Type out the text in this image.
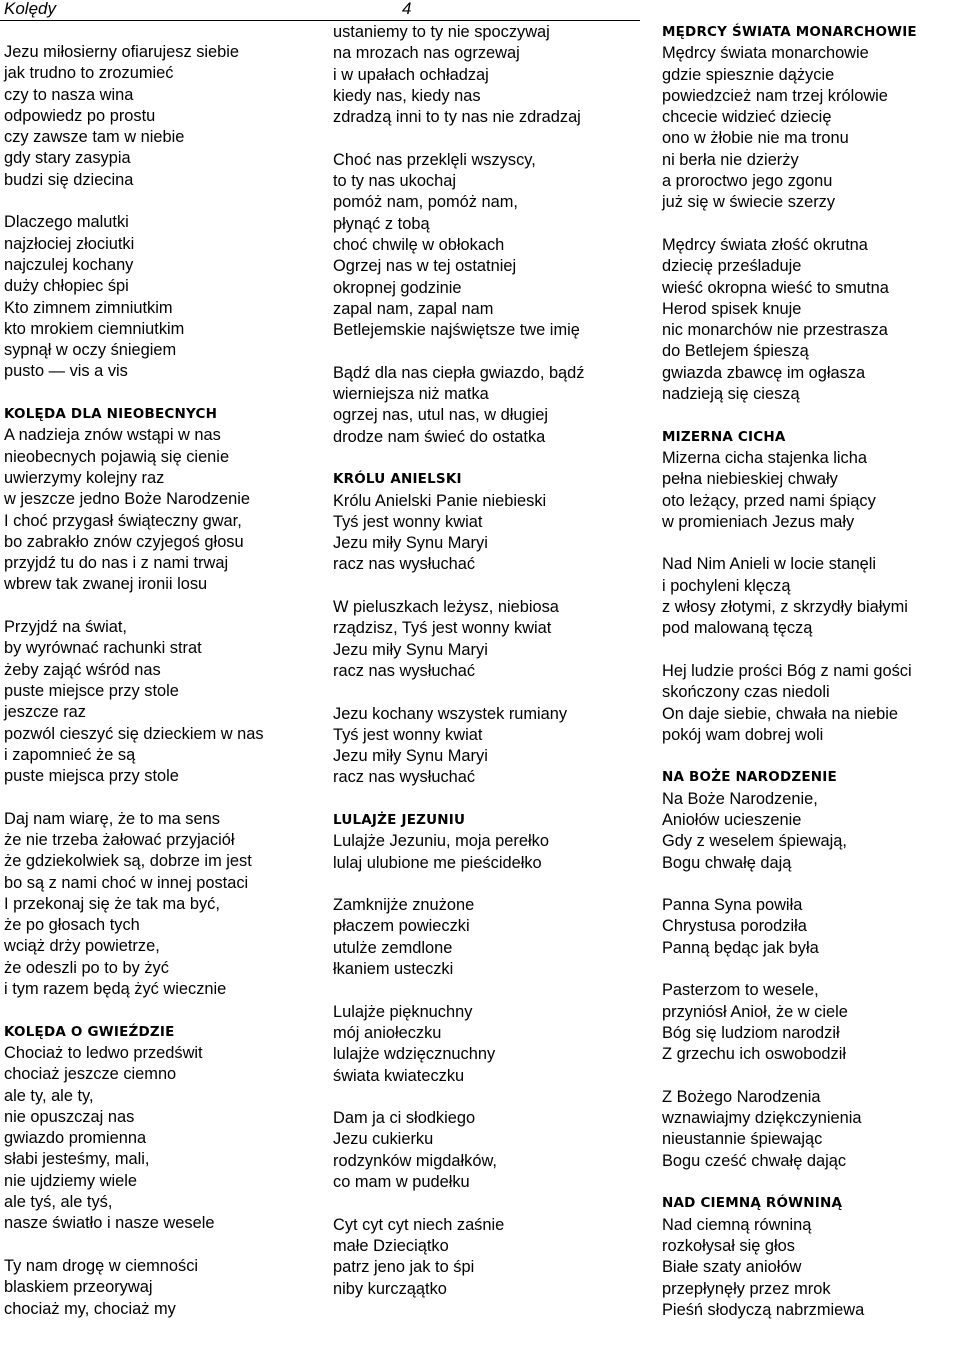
Kolędy	4
Jezu miłosierny ofiarujesz siebie
jak trudno to zrozumieć
czy to nasza wina
odpowiedz po prostu
czy zawsze tam w niebie
gdy stary zasypia
budzi się dziecina
Dlaczego malutki
najzłociej złociutki
najczulej kochany
duży chłopiec śpi
Kto zimnem zimniutkim
kto mrokiem ciemniutkim
sypnął w oczy śniegiem
pusto — vis a vis
KOLĘDA DLA NIEOBECNYCH
A nadzieja znów wstąpi w nas
nieobecnych pojawią się cienie
uwierzymy kolejny raz
w jeszcze jedno Boże Narodzenie
I choć przygasł świąteczny gwar,
bo zabrakło znów czyjegoś głosu
przyjdź tu do nas i z nami trwaj
wbrew tak zwanej ironii losu
Przyjdź na świat,
by wyrównać rachunki strat
żeby zająć wśród nas
puste miejsce przy stole
jeszcze raz
pozwól cieszyć się dzieckiem w nas
i zapomnieć że są
puste miejsca przy stole
Daj nam wiarę, że to ma sens
że nie trzeba żałować przyjaciół
że gdziekolwiek są, dobrze im jest
bo są z nami choć w innej postaci
I przekonaj się że tak ma być,
że po głosach tych
wciąż drży powietrze,
że odeszli po to by żyć
i tym razem będą żyć wiecznie
KOLĘDA O GWIEŹDZIE
Chociaż to ledwo przedświt
chociaż jeszcze ciemno
ale ty, ale ty,
nie opuszczaj nas
gwiazdo promienna
słabi jesteśmy, mali,
nie ujdziemy wiele
ale tyś, ale tyś,
nasze światło i nasze wesele
Ty nam drogę w ciemności
blaskiem przeorywaj
chociaż my, chociaż my
ustaniemy to ty nie spoczywaj
na mrozach nas ogrzewaj
i w upałach ochładzaj
kiedy nas, kiedy nas
zdradzą inni to ty nas nie zdradzaj
Choć nas przeklęli wszyscy,
to ty nas ukochaj
pomóż nam, pomóż nam,
płynąć z tobą
choć chwilę w obłokach
Ogrzej nas w tej ostatniej
okropnej godzinie
zapal nam, zapal nam
Betlejemskie najświętsze twe imię
Bądź dla nas ciepła gwiazdo, bądź
wierniejsza niż matka
ogrzej nas, utul nas, w długiej
drodze nam świeć do ostatka
KRÓLU ANIELSKI
Królu Anielski Panie niebieski
Tyś jest wonny kwiat
Jezu miły Synu Maryi
racz nas wysłuchać
W pieluszkach leżysz, niebiosa
rządzisz, Tyś jest wonny kwiat
Jezu miły Synu Maryi
racz nas wysłuchać
Jezu kochany wszystek rumiany
Tyś jest wonny kwiat
Jezu miły Synu Maryi
racz nas wysłuchać
LULAJŻE JEZUNIU
Lulajże Jezuniu, moja perełko
lulaj ulubione me pieścidełko
Zamknijże znużone
płaczem powieczki
utulże zemdlone
łkaniem usteczki
Lulajże pięknuchny
mój aniołeczku
lulajże wdzięcznuchny
świata kwiateczku
Dam ja ci słodkiego
Jezu cukierku
rodzynków migdałków,
co mam w pudełku
Cyt cyt cyt niech zaśnie
małe Dzieciątko
patrz jeno jak to śpi
niby kurcząątko
MĘDRCY ŚWIATA MONARCHOWIE
Mędrcy świata monarchowie
gdzie spiesznie dążycie
powiedzcież nam trzej królowie
chcecie widzieć dziecię
ono w żłobie nie ma tronu
ni berła nie dzierży
a proroctwo jego zgonu
już się w świecie szerzy
Mędrcy świata złość okrutna
dziecię prześladuje
wieść okropna wieść to smutna
Herod spisek knuje
nic monarchów nie przestrasza
do Betlejem śpieszą
gwiazda zbawcę im ogłasza
nadzieją się cieszą
MIZERNA CICHA
Mizerna cicha stajenka licha
pełna niebieskiej chwały
oto leżący, przed nami śpiący
w promieniach Jezus mały
Nad Nim Anieli w locie stanęli
i pochyleni klęczą
z włosy złotymi, z skrzydły białymi
pod malowaną tęczą
Hej ludzie prości Bóg z nami gości
skończony czas niedoli
On daje siebie, chwała na niebie
pokój wam dobrej woli
NA BOŻE NARODZENIE
Na Boże Narodzenie,
Aniołów ucieszenie
Gdy z weselem śpiewają,
Bogu chwałę dają
Panna Syna powiła
Chrystusa porodziła
Panną będąc jak była
Pasterzom to wesele,
przyniósł Anioł, że w ciele
Bóg się ludziom narodził
Z grzechu ich oswobodził
Z Bożego Narodzenia
wznawiajmy dziękczynienia
nieustannie śpiewając
Bogu cześć chwałę dając
NAD CIEMNĄ RÓWNINĄ
Nad ciemną równiną
rozkołysał się głos
Białe szaty aniołów
przepłynęły przez mrok
Pieśń słodyczą nabrzmiewa
